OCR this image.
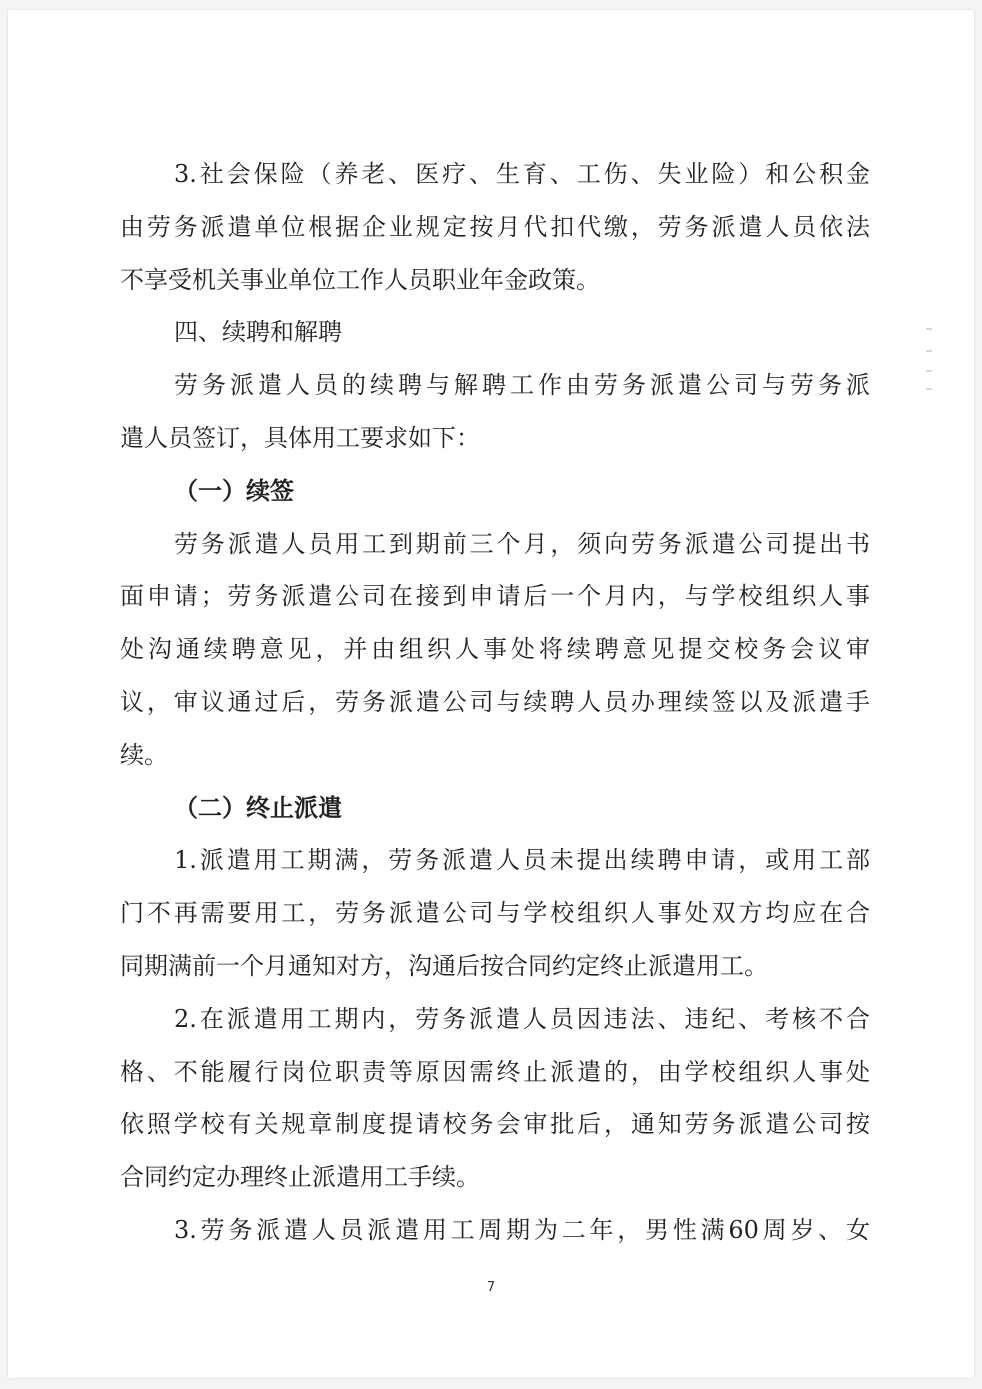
3.社会保险（养老、医疗、生育、工伤、失业险）和公积金
由劳务派遣单位根据企业规定按月代扣代缴，劳务派遣人员依法
不享受机关事业单位工作人员职业年金政策。
四、续聘和解聘
劳务派遣人员的续聘与解聘工作由劳务派遣公司与劳务派
遣人员签订，具体用工要求如下：
（一）续签
劳务派遣人员用工到期前三个月，须向劳务派遣公司提出书
面申请；劳务派遣公司在接到申请后一个月内，与学校组织人事
处沟通续聘意见，并由组织人事处将续聘意见提交校务会议审
议，审议通过后，劳务派遣公司与续聘人员办理续签以及派遣手
续。
（二）终止派遣
1.派遣用工期满，劳务派遣人员未提出续聘申请，或用工部
门不再需要用工，劳务派遣公司与学校组织人事处双方均应在合
同期满前一个月通知对方，沟通后按合同约定终止派遣用工。
2.在派遣用工期内，劳务派遣人员因违法、违纪、考核不合
格、不能履行岗位职责等原因需终止派遣的，由学校组织人事处
依照学校有关规章制度提请校务会审批后，通知劳务派遣公司按
合同约定办理终止派遣用工手续。
3.劳务派遣人员派遣用工周期为二年，男性满60周岁、女
7
